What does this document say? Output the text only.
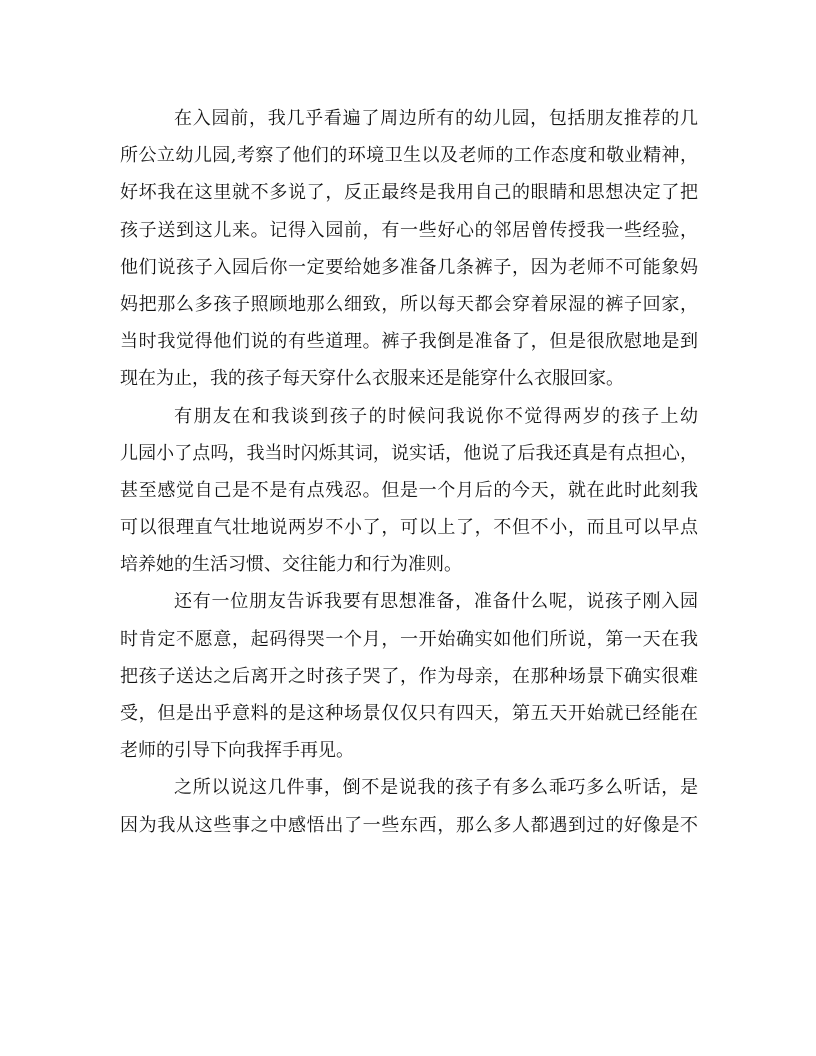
在入园前，我几乎看遍了周边所有的幼儿园，包括朋友推荐的几
所公立幼儿园,考察了他们的环境卫生以及老师的工作态度和敬业精神，
好坏我在这里就不多说了，反正最终是我用自己的眼睛和思想决定了把
孩子送到这儿来。记得入园前，有一些好心的邻居曾传授我一些经验，
他们说孩子入园后你一定要给她多准备几条裤子，因为老师不可能象妈
妈把那么多孩子照顾地那么细致，所以每天都会穿着尿湿的裤子回家，
当时我觉得他们说的有些道理。裤子我倒是准备了，但是很欣慰地是到
现在为止，我的孩子每天穿什么衣服来还是能穿什么衣服回家。
有朋友在和我谈到孩子的时候问我说你不觉得两岁的孩子上幼
儿园小了点吗，我当时闪烁其词，说实话，他说了后我还真是有点担心，
甚至感觉自己是不是有点残忍。但是一个月后的今天，就在此时此刻我
可以很理直气壮地说两岁不小了，可以上了，不但不小，而且可以早点
培养她的生活习惯、交往能力和行为准则。
还有一位朋友告诉我要有思想准备，准备什么呢，说孩子刚入园
时肯定不愿意，起码得哭一个月，一开始确实如他们所说，第一天在我
把孩子送达之后离开之时孩子哭了，作为母亲，在那种场景下确实很难
受，但是出乎意料的是这种场景仅仅只有四天，第五天开始就已经能在
老师的引导下向我挥手再见。
之所以说这几件事，倒不是说我的孩子有多么乖巧多么听话，是
因为我从这些事之中感悟出了一些东西，那么多人都遇到过的好像是不
